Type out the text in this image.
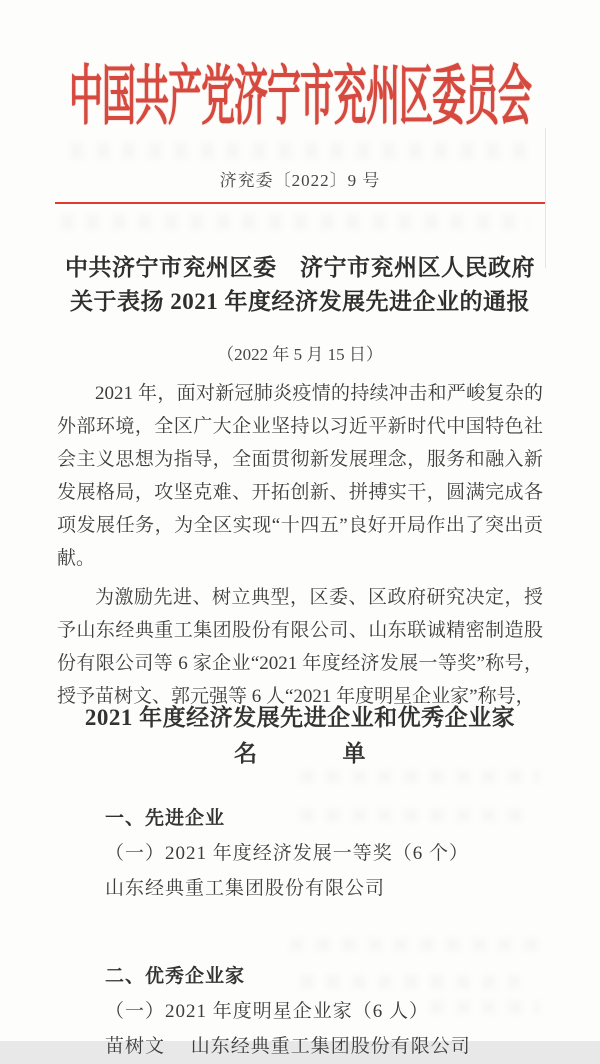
中国共产党济宁市兖州区委员会
济兖委〔2022〕9 号
中共济宁市兖州区委　济宁市兖州区人民政府
关于表扬 2021 年度经济发展先进企业的通报
（2022 年 5 月 15 日）

2021 年，面对新冠肺炎疫情的持续冲击和严峻复杂的外部环境，全区广大企业坚持以习近平新时代中国特色社会主义思想为指导，全面贯彻新发展理念，服务和融入新发展格局，攻坚克难、开拓创新、拼搏实干，圆满完成各项发展任务，为全区实现“十四五”良好开局作出了突出贡献。

为激励先进、树立典型，区委、区政府研究决定，授予山东经典重工集团股份有限公司、山东联诚精密制造股份有限公司等 6 家企业“2021 年度经济发展一等奖”称号，授予苗树文、郭元强等 6 人“2021 年度明星企业家”称号，

2021 年度经济发展先进企业和优秀企业家
名	单
一、先进企业
（一）2021 年度经济发展一等奖（6 个）
山东经典重工集团股份有限公司
二、优秀企业家
（一）2021 年度明星企业家（6 人）
苗树文　 山东经典重工集团股份有限公司
